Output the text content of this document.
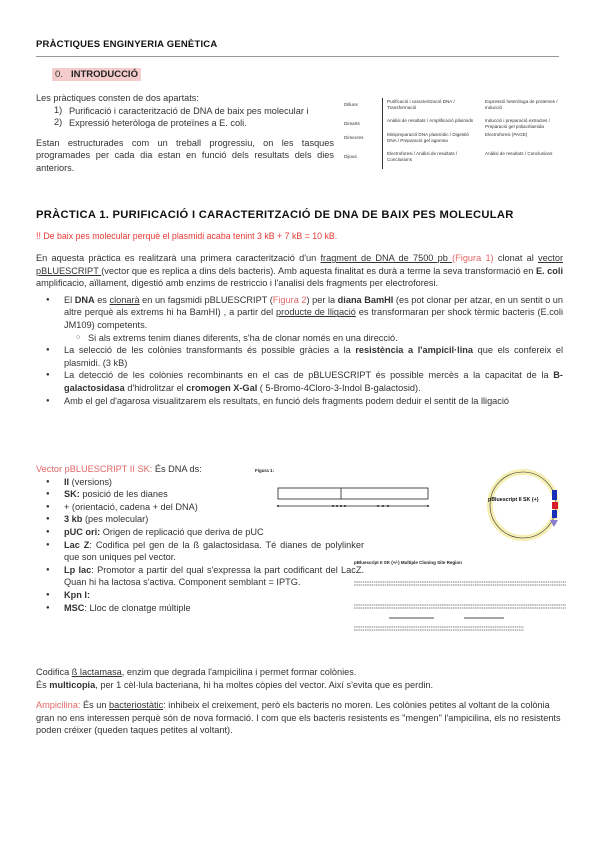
PRÀCTIQUES ENGINYERIA GENÈTICA
0. INTRODUCCIÓ

Les pràctiques consten de dos apartats:

1) Purificació i caracterització de DNA de baix pes molecular i

2) Expressió heteròloga de proteïnes a E. coli.

Estan estructurades com un treball progressiu, on les tasques programades per cada dia estan en funció dels resultats dels dies anteriors.

Dilluns	Purificació i caracterització DNA / Transformació	Expressió heteròloga de proteïnes / Inducció
Dimarts	Anàlisi de resultats / Amplificació plàsmids	Inducció i preparació extractes / Preparació gel poliacrilamida
Dimecres	Minipreparació DNA plasmídic / Digestió DNA / Preparació gel agarosa	Electroforesi (PAGE)
Dijous	Electroforesi / Anàlisi de resultats / Conclusions	Anàlisi de resultats / Conclusions
PRÀCTICA 1. PURIFICACIÓ I CARACTERITZACIÓ DE DNA DE BAIX PES MOLECULAR
!! De baix pes molecular perquè el plasmidi acaba tenint 3 kB + 7 kB = 10 kB.

En aquesta pràctica es realitzarà una primera caracterització d'un fragment de DNA de 7500 pb (Figura 1) clonat al vector pBLUESCRIPT (vector que es replica a dins dels bacteris). Amb aquesta finalitat es durà a terme la seva transformació en E. coli amplificacio, aïllament, digestió amb enzims de restriccio i l'analisi dels fragments per electroforesi.

● El DNA es clonarà en un fagsmidi pBLUESCRIPT (Figura 2) per la diana BamHI (es pot clonar per atzar, en un sentit o un altre perquè als extrems hi ha BamHI) , a partir del producte de lligació es transformaran per shock tèrmic bacteris (E.coli JM109) competents.
○ Si als extrems tenim dianes diferents, s'ha de clonar només en una direcció.
● La selecció de les colònies transformants és possible gràcies a la resistència a l'ampicil·lina que els confereix el plasmidi. (3 kB)
● La detecció de les colònies recombinants en el cas de pBLUESCRIPT és possible mercès a la capacitat de la B-galactosidasa d'hidrolitzar el cromogen X-Gal ( 5-Bromo-4Cloro-3-Indol B-galactosid).
● Amb el gel d'agarosa visualitzarem els resultats, en funció dels fragments podem deduir el sentit de la lligació

Vector pBLUESCRIPT II SK: És DNA ds:

● II (versions)
● SK: posició de les dianes
● + (orientació, cadena + del DNA)
● 3 kb (pes molecular)
● pUC ori: Origen de replicació que deriva de pUC
● Lac Z: Codifica pel gen de la ß galactosidasa. Té dianes de polylinker que son uniques pel vector.
● Lp lac: Promotor a partir del qual s'expressa la part codificant del LacZ. Quan hi ha lactosa s'activa. Component semblant = IPTG.
● Kpn I:
● MSC: Lloc de clonatge múltiple
Figura 1:
pBluescript II SK (+)
pBluescript II SK (+/-) Multiple Cloning Site Region

Codifica ß lactamasa, enzim que degrada l'ampicilina i permet formar colònies.

És multicopia, per 1 cèl·lula bacteriana, hi ha moltes còpies del vector. Així s'evita que es perdin.

Ampicilina: És un bacteriostàtic: inhibeix el creixement, però els bacteris no moren. Les colònies petites al voltant de la colònia gran no ens interessen perquè són de nova formació. I com que els bacteris resistents es "mengen" l'ampicilina, els no resistents poden créixer (queden taques petites al voltant).
